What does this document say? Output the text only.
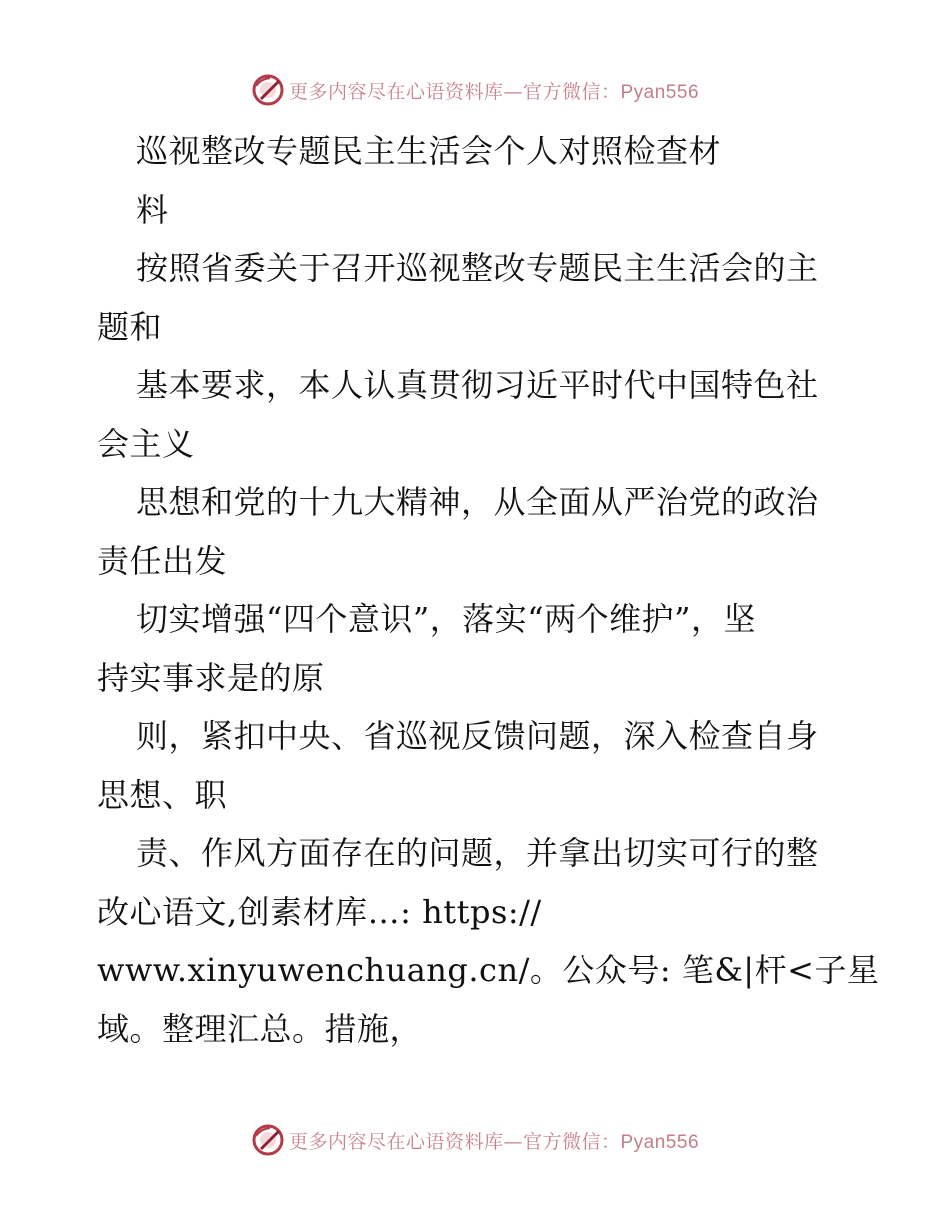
更多内容尽在心语资料库—官方微信：Pyan556
巡视整改专题民主生活会个人对照检查材
料
按照省委关于召开巡视整改专题民主生活会的主
题和
基本要求，本人认真贯彻习近平时代中国特色社
会主义
思想和党的十九大精神，从全面从严治党的政治
责任出发
切实增强“四个意识”，落实“两个维护”，坚
持实事求是的原
则，紧扣中央、省巡视反馈问题，深入检查自身
思想、职
责、作风方面存在的问题，并拿出切实可行的整
改心语文,创素材库…: https://
www.xinyuwenchuang.cn/。公众号: 笔&|杆<子星
域。整理汇总。措施，
更多内容尽在心语资料库—官方微信：Pyan556
